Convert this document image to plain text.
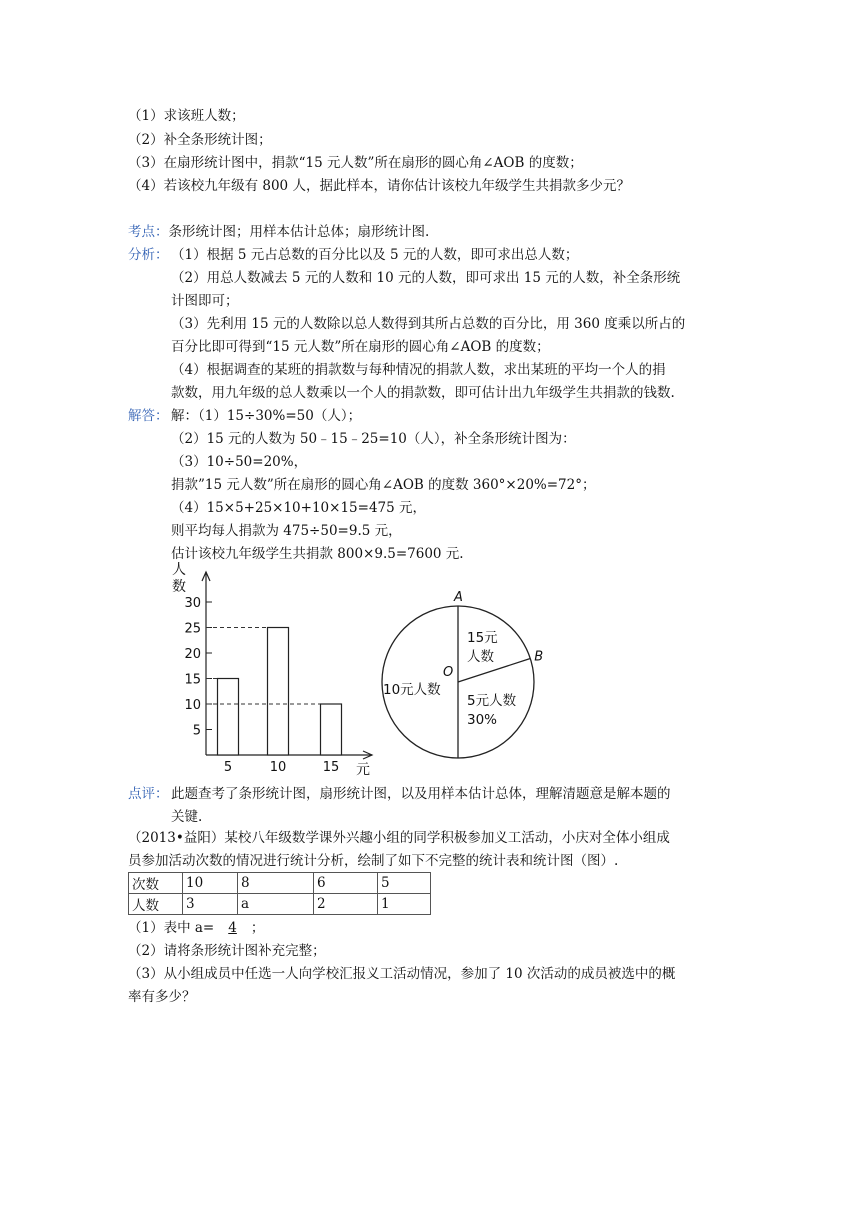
（1）求该班人数；
（2）补全条形统计图；
（3）在扇形统计图中，捐款“15 元人数”所在扇形的圆心角∠AOB 的度数；
（4）若该校九年级有 800 人，据此样本，请你估计该校九年级学生共捐款多少元？
考点：条形统计图；用样本估计总体；扇形统计图.
分析： （1）根据 5 元占总数的百分比以及 5 元的人数，即可求出总人数；
（2）用总人数减去 5 元的人数和 10 元的人数，即可求出 15 元的人数，补全条形统
计图即可；
（3）先利用 15 元的人数除以总人数得到其所占总数的百分比，用 360 度乘以所占的
百分比即可得到“15 元人数”所在扇形的圆心角∠AOB 的度数；
（4）根据调查的某班的捐款数与每种情况的捐款人数，求出某班的平均一个人的捐
款数，用九年级的总人数乘以一个人的捐款数，即可估计出九年级学生共捐款的钱数.
解答： 解：（1）15÷30%=50（人）；
（2）15 元的人数为 50﹣15﹣25=10（人），补全条形统计图为：
（3）10÷50=20%，
捐款”15 元人数”所在扇形的圆心角∠AOB 的度数 360°×20%=72°；
（4）15×5+25×10+10×15=475 元，
则平均每人捐款为 475÷50=9.5 元，
估计该校九年级学生共捐款 800×9.5=7600 元.
人
数
元
5
10
15
20
25
30
5	10	15
A
B
O
15元
人数
5元人数
30%
10元人数
点评： 此题查考了条形统计图，扇形统计图，以及用样本估计总体，理解清题意是解本题的
关键.
（2013•益阳）某校八年级数学课外兴趣小组的同学积极参加义工活动，小庆对全体小组成
员参加活动次数的情况进行统计分析，绘制了如下不完整的统计表和统计图（图）.
次数	10	8	6	5
人数	3	a	2	1
（1）表中 a= 4 ；
（2）请将条形统计图补充完整；
（3）从小组成员中任选一人向学校汇报义工活动情况，参加了 10 次活动的成员被选中的概
率有多少？
